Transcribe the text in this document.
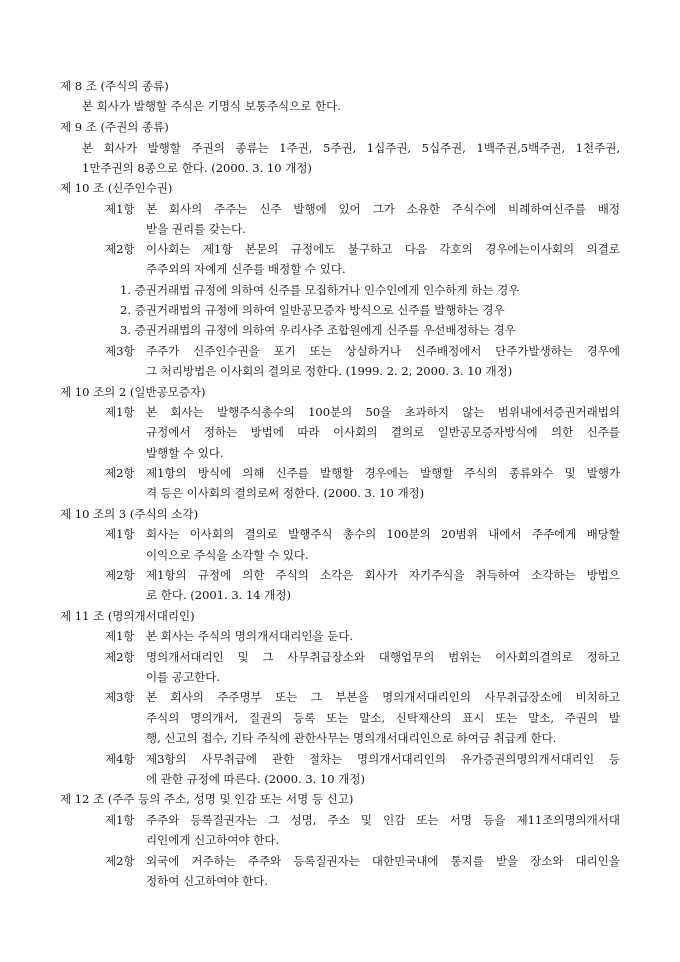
제 8 조 (주식의 종류)
본 회사가 발행할 주식은 기명식 보통주식으로 한다.
제 9 조 (주권의 종류)
본 회사가 발행할 주권의 종류는 1주권, 5주권, 1십주권, 5십주권, 1백주권,5백주권, 1천주권,
1만주권의 8종으로 한다. (2000. 3. 10 개정)
제 10 조 (신주인수권)
제1항 본 회사의 주주는 신주 발행에 있어 그가 소유한 주식수에 비례하여신주를 배정
받을 권리를 갖는다.
제2항 이사회는 제1항 본문의 규정에도 불구하고 다음 각호의 경우에는이사회의 의결로
주주외의 자에게 신주를 배정할 수 있다.
1. 증권거래법 규정에 의하여 신주를 모집하거나 인수인에게 인수하게 하는 경우
2. 증권거래법의 규정에 의하여 일반공모증자 방식으로 신주를 발행하는 경우
3. 증권거래법의 규정에 의하여 우리사주 조합원에게 신주를 우선배정하는 경우
제3항 주주가 신주인수권을 포기 또는 상실하거나 신주배정에서 단주가발생하는 경우에
그 처리방법은 이사회의 결의로 정한다. (1999. 2. 2, 2000. 3. 10 개정)
제 10 조의 2 (일반공모증자)
제1항 본 회사는 발행주식총수의 100분의 50을 초과하지 않는 범위내에서증권거래법의
규정에서 정하는 방법에 따라 이사회의 결의로 일반공모증자방식에 의한 신주를
발행할 수 있다.
제2항 제1항의 방식에 의해 신주를 발행할 경우에는 발행할 주식의 종류와수 및 발행가
격 등은 이사회의 결의로써 정한다. (2000. 3. 10 개정)
제 10 조의 3 (주식의 소각)
제1항 회사는 이사회의 결의로 발행주식 총수의 100분의 20범위 내에서 주주에게 배당할
이익으로 주식을 소각할 수 있다.
제2항 제1항의 규정에 의한 주식의 소각은 회사가 자기주식을 취득하여 소각하는 방법으
로 한다. (2001. 3. 14 개정)
제 11 조 (명의개서대리인)
제1항 본 회사는 주식의 명의개서대리인을 둔다.
제2항 명의개서대리인 및 그 사무취급장소와 대행업무의 범위는 이사회의결의로 정하고
이를 공고한다.
제3항 본 회사의 주주명부 또는 그 부본을 명의개서대리인의 사무취급장소에 비치하고
주식의 명의개서, 질권의 등록 또는 말소, 신탁재산의 표시 또는 말소, 주권의 발
행, 신고의 접수, 기타 주식에 관한사무는 명의개서대리인으로 하여금 취급케 한다.
제4항 제3항의 사무취급에 관한 절차는 명의개서대리인의 유가증권의명의개서대리인 등
에 관한 규정에 따른다. (2000. 3. 10 개정)
제 12 조 (주주 등의 주소, 성명 및 인감 또는 서명 등 신고)
제1항 주주와 등록질권자는 그 성명, 주소 및 인감 또는 서명 등을 제11조의명의개서대
리인에게 신고하여야 한다.
제2항 외국에 거주하는 주주와 등록질권자는 대한민국내에 통지를 받을 장소와 대리인을
정하여 신고하여야 한다.
